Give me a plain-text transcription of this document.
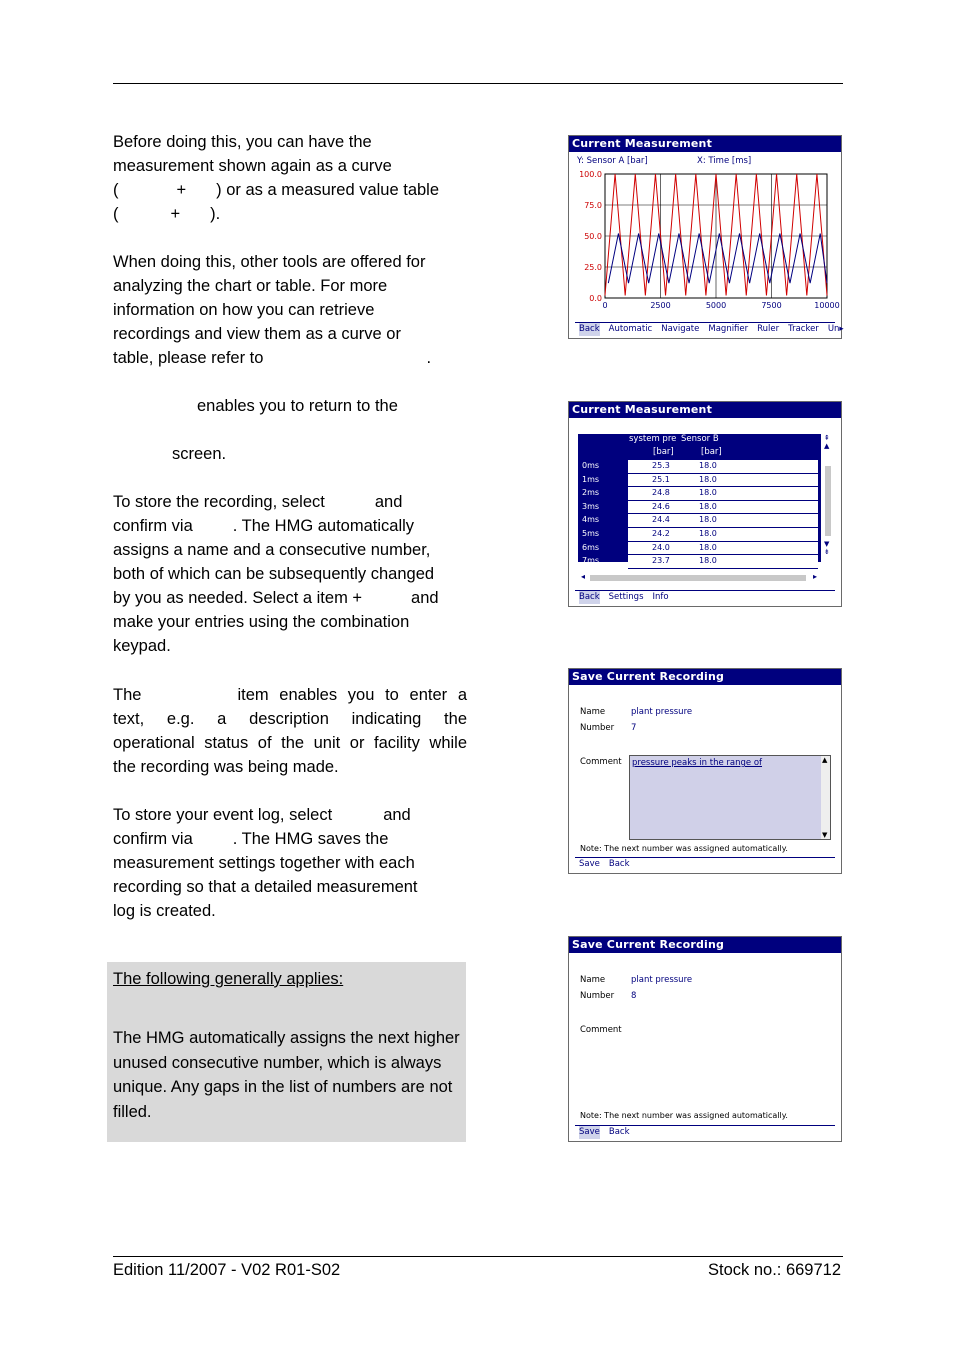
Before doing this, you can have the

measurement shown again as a curve

(	+ ) or as a measured value table

(	+ ).

When doing this, other tools are offered for

analyzing the chart or table. For more

information on how you can retrieve

recordings and view them as a curve or

table, please refer to	.

enables you to return to the

screen.

To store the recording, select	and

confirm via . The HMG automatically

assigns a name and a consecutive number,

both of which can be subsequently changed

by you as needed. Select a item +	and

make your entries using the combination

keypad.

The	item enables you to enter a

text, e.g. a description indicating the

operational status of the unit or facility while

the recording was being made.

To store your event log, select	and

confirm via . The HMG saves the

measurement settings together with each

recording so that a detailed measurement

log is created.

The following generally applies:
The HMG automatically assigns the next higher unused consecutive number, which is always unique. Any gaps in the list of numbers are not filled.
Current Measurement
Y: Sensor A [bar]	X: Time [ms]
100.0
75.0
50.0
25.0
0.0
0	2500	5000	7500	10000
Back Automatic Navigate Magnifier Ruler Tracker Un▸
Current Measurement
system pre Sensor B
[bar]	[bar]
0ms	25.3	18.0
1ms	25.1	18.0
2ms	24.8	18.0
3ms	24.6	18.0
4ms	24.4	18.0
5ms	24.2	18.0
6ms	24.0	18.0
7ms	23.7	18.0
⇞
▲
▼
⇟
◂	▸
Back Settings Info
Save Current Recording
Name	plant pressure
Number 7
Comment pressure peaks in the range of	▲
▼
Note: The next number was assigned automatically.
Save Back
Save Current Recording
Name	plant pressure
Number 8
Comment
Note: The next number was assigned automatically.
Save Back
Edition 11/2007 - V02 R01-S02	Stock no.: 669712
